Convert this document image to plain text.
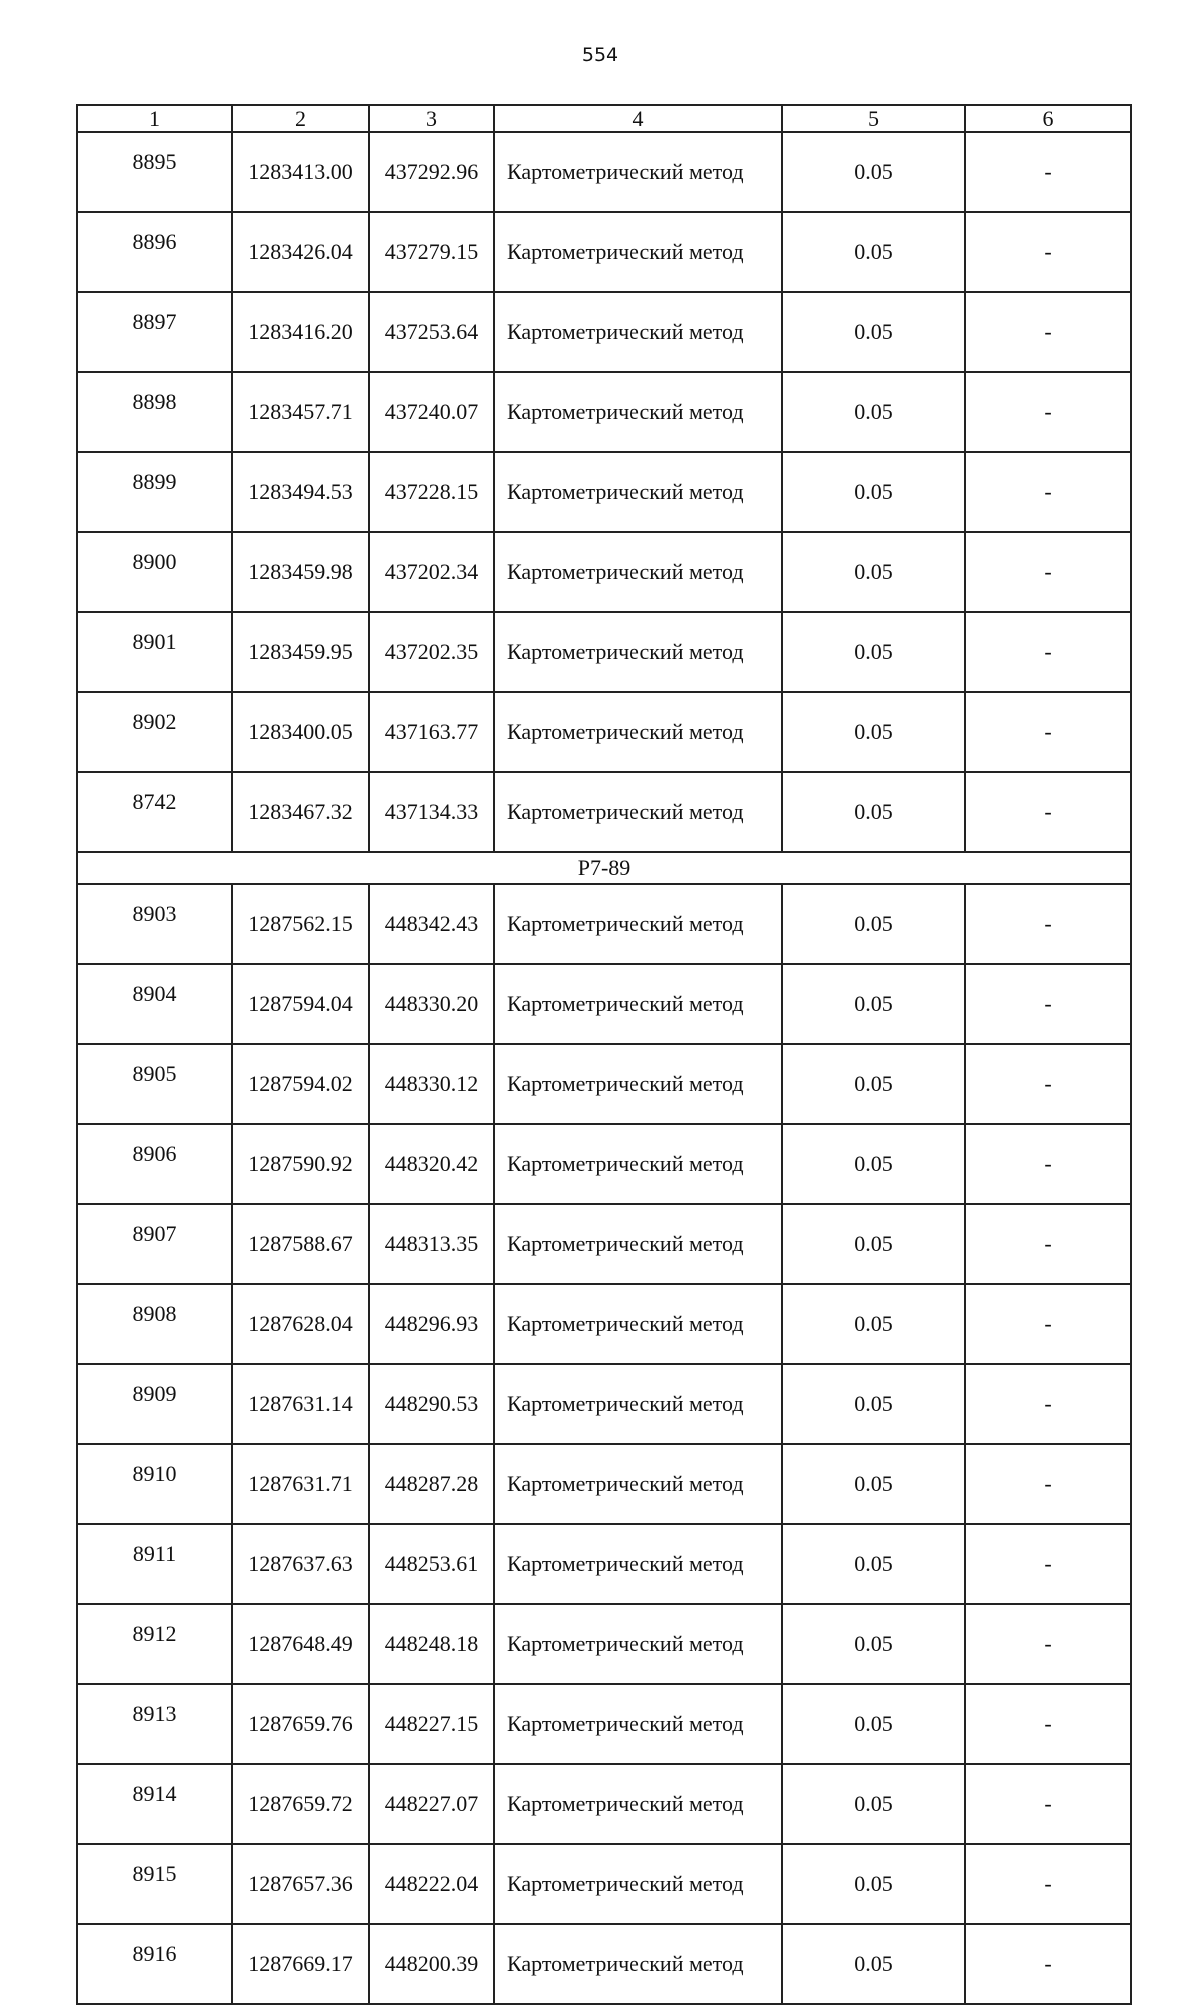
554
1	2	3	4	5	6
8895	1283413.00	437292.96	Картометрический метод	0.05	-
8896	1283426.04	437279.15	Картометрический метод	0.05	-
8897	1283416.20	437253.64	Картометрический метод	0.05	-
8898	1283457.71	437240.07	Картометрический метод	0.05	-
8899	1283494.53	437228.15	Картометрический метод	0.05	-
8900	1283459.98	437202.34	Картометрический метод	0.05	-
8901	1283459.95	437202.35	Картометрический метод	0.05	-
8902	1283400.05	437163.77	Картометрический метод	0.05	-
8742	1283467.32	437134.33	Картометрический метод	0.05	-
Р7-89					
8903	1287562.15	448342.43	Картометрический метод	0.05	-
8904	1287594.04	448330.20	Картометрический метод	0.05	-
8905	1287594.02	448330.12	Картометрический метод	0.05	-
8906	1287590.92	448320.42	Картометрический метод	0.05	-
8907	1287588.67	448313.35	Картометрический метод	0.05	-
8908	1287628.04	448296.93	Картометрический метод	0.05	-
8909	1287631.14	448290.53	Картометрический метод	0.05	-
8910	1287631.71	448287.28	Картометрический метод	0.05	-
8911	1287637.63	448253.61	Картометрический метод	0.05	-
8912	1287648.49	448248.18	Картометрический метод	0.05	-
8913	1287659.76	448227.15	Картометрический метод	0.05	-
8914	1287659.72	448227.07	Картометрический метод	0.05	-
8915	1287657.36	448222.04	Картометрический метод	0.05	-
8916	1287669.17	448200.39	Картометрический метод	0.05	-
